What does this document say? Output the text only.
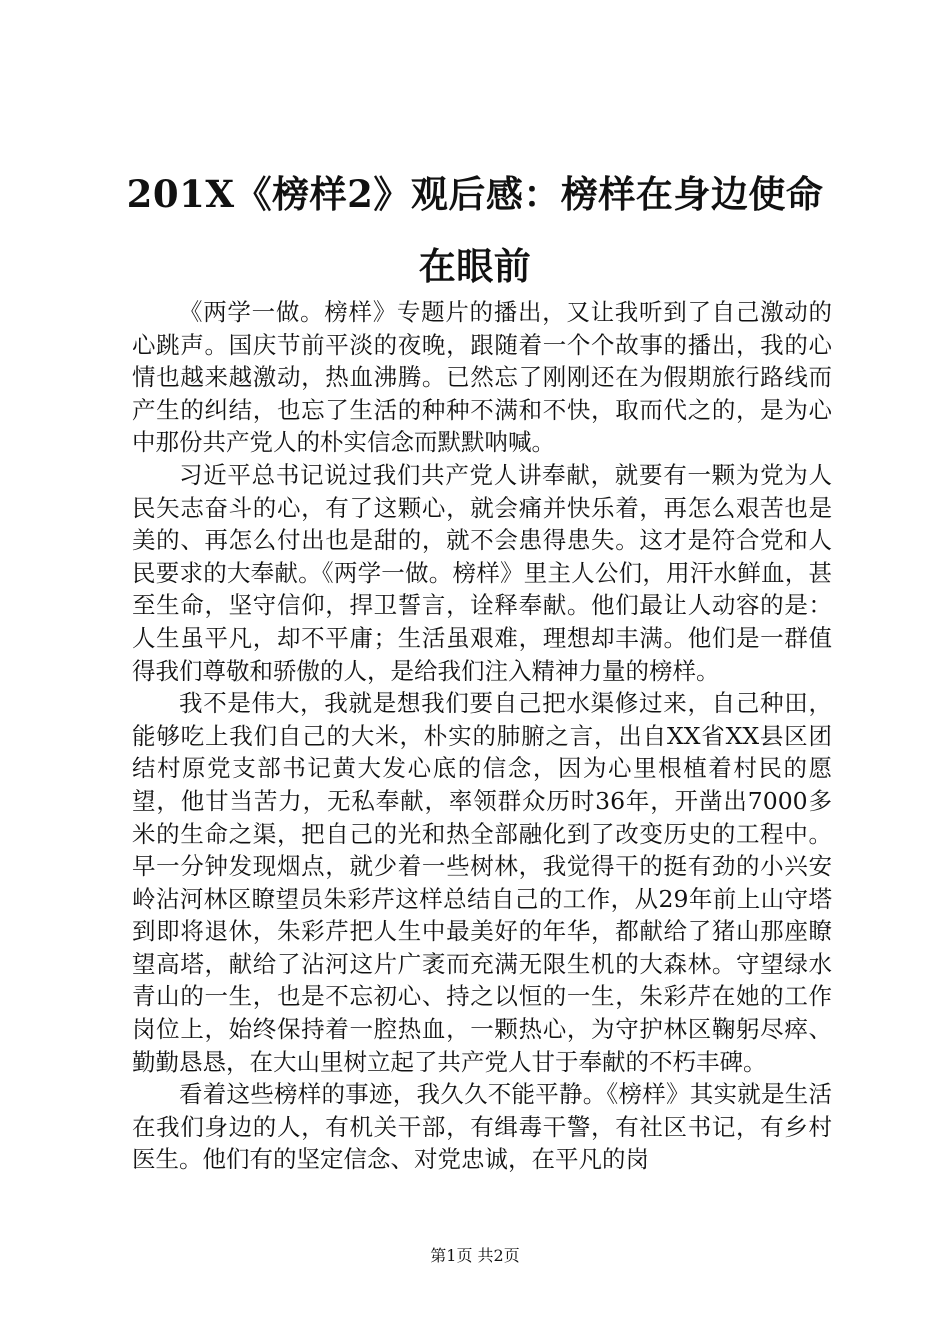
201X《榜样2》观后感：榜样在身边使命在眼前

《两学一做。榜样》专题片的播出，又让我听到了自己激动的心跳声。国庆节前平淡的夜晚，跟随着一个个故事的播出，我的心情也越来越激动，热血沸腾。已然忘了刚刚还在为假期旅行路线而产生的纠结，也忘了生活的种种不满和不快，取而代之的，是为心中那份共产党人的朴实信念而默默呐喊。

习近平总书记说过我们共产党人讲奉献，就要有一颗为党为人民矢志奋斗的心，有了这颗心，就会痛并快乐着，再怎么艰苦也是美的、再怎么付出也是甜的，就不会患得患失。这才是符合党和人民要求的大奉献。《两学一做。榜样》里主人公们，用汗水鲜血，甚至生命，坚守信仰，捍卫誓言，诠释奉献。他们最让人动容的是：人生虽平凡，却不平庸；生活虽艰难，理想却丰满。他们是一群值得我们尊敬和骄傲的人，是给我们注入精神力量的榜样。

我不是伟大，我就是想我们要自己把水渠修过来，自己种田，能够吃上我们自己的大米，朴实的肺腑之言，出自XX省XX县区团结村原党支部书记黄大发心底的信念，因为心里根植着村民的愿望，他甘当苦力，无私奉献，率领群众历时36年，开凿出7000多米的生命之渠，把自己的光和热全部融化到了改变历史的工程中。早一分钟发现烟点，就少着一些树林，我觉得干的挺有劲的小兴安岭沾河林区瞭望员朱彩芹这样总结自己的工作，从29年前上山守塔到即将退休，朱彩芹把人生中最美好的年华，都献给了猪山那座瞭望高塔，献给了沾河这片广袤而充满无限生机的大森林。守望绿水青山的一生，也是不忘初心、持之以恒的一生，朱彩芹在她的工作岗位上，始终保持着一腔热血，一颗热心，为守护林区鞠躬尽瘁、勤勤恳恳，在大山里树立起了共产党人甘于奉献的不朽丰碑。

看着这些榜样的事迹，我久久不能平静。《榜样》其实就是生活在我们身边的人，有机关干部，有缉毒干警，有社区书记，有乡村医生。他们有的坚定信念、对党忠诚，在平凡的岗

第1页 共2页
